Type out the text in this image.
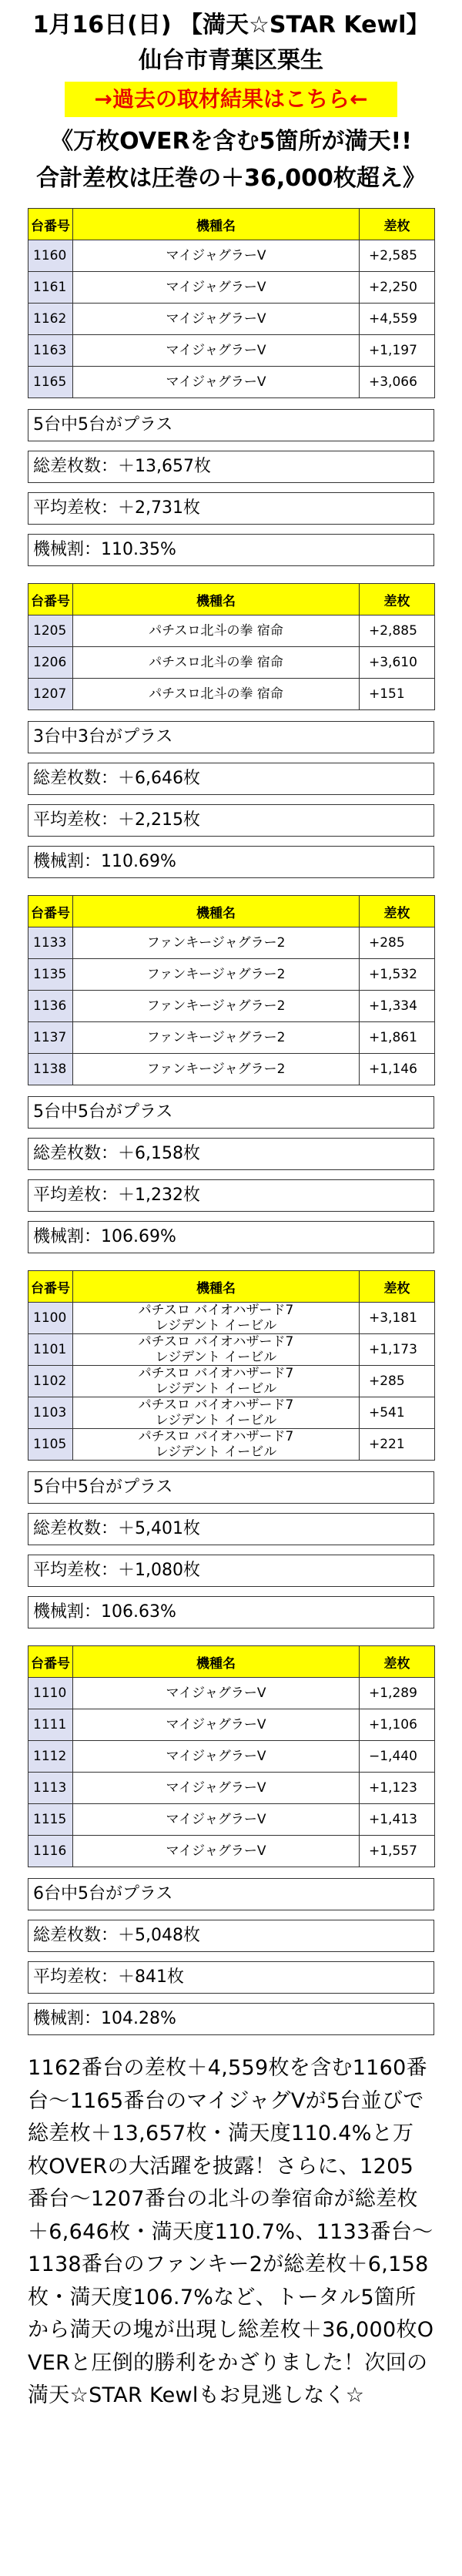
1月16日(日) 【満天☆STAR Kewl】
仙台市青葉区栗生
→過去の取材結果はこちら←
《万枚OVERを含む5箇所が満天!!
合計差枚は圧巻の＋36,000枚超え》
台番号	機種名	差枚
1160	マイジャグラーV	+2,585
1161	マイジャグラーV	+2,250
1162	マイジャグラーV	+4,559
1163	マイジャグラーV	+1,197
1165	マイジャグラーV	+3,066
5台中5台がプラス
総差枚数：＋13,657枚
平均差枚：＋2,731枚
機械割：110.35%
台番号	機種名	差枚
1205	パチスロ北斗の拳 宿命	+2,885
1206	パチスロ北斗の拳 宿命	+3,610
1207	パチスロ北斗の拳 宿命	+151
3台中3台がプラス
総差枚数：＋6,646枚
平均差枚：＋2,215枚
機械割：110.69%
台番号	機種名	差枚
1133	ファンキージャグラー2	+285
1135	ファンキージャグラー2	+1,532
1136	ファンキージャグラー2	+1,334
1137	ファンキージャグラー2	+1,861
1138	ファンキージャグラー2	+1,146
5台中5台がプラス
総差枚数：＋6,158枚
平均差枚：＋1,232枚
機械割：106.69%
台番号	機種名	差枚
1100	パチスロ バイオハザード7
レジデント イービル	+3,181
1101	パチスロ バイオハザード7
レジデント イービル	+1,173
1102	パチスロ バイオハザード7
レジデント イービル	+285
1103	パチスロ バイオハザード7
レジデント イービル	+541
1105	パチスロ バイオハザード7
レジデント イービル	+221
5台中5台がプラス
総差枚数：＋5,401枚
平均差枚：＋1,080枚
機械割：106.63%
台番号	機種名	差枚
1110	マイジャグラーV	+1,289
1111	マイジャグラーV	+1,106
1112	マイジャグラーV	−1,440
1113	マイジャグラーV	+1,123
1115	マイジャグラーV	+1,413
1116	マイジャグラーV	+1,557
6台中5台がプラス
総差枚数：＋5,048枚
平均差枚：＋841枚
機械割：104.28%
1162番台の差枚＋4,559枚を含む1160番台〜1165番台のマイジャグVが5台並びで総差枚＋13,657枚・満天度110.4%と万枚OVERの大活躍を披露！さらに、1205番台〜1207番台の北斗の拳宿命が総差枚＋6,646枚・満天度110.7%、1133番台〜1138番台のファンキー2が総差枚＋6,158枚・満天度106.7%など、トータル5箇所から満天の塊が出現し総差枚＋36,000枚OVERと圧倒的勝利をかざりました！次回の満天☆STAR Kewlもお見逃しなく☆
